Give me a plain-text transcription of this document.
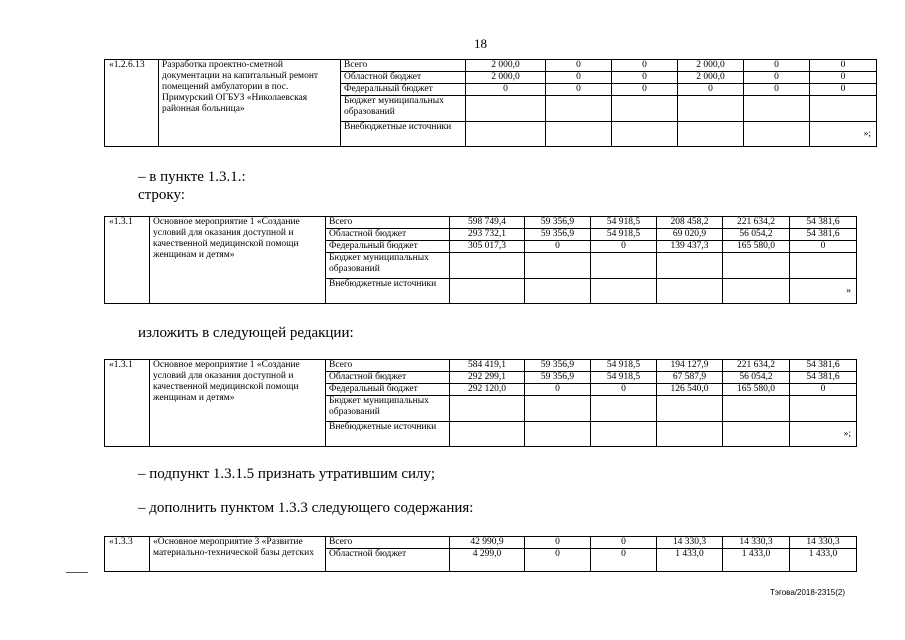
18
«1.2.6.13	Разработка проектно-сметной документации на капитальный ремонт помещений амбулатории в пос. Примурский ОГБУЗ «Николаевская районная больница»	Всего	2 000,0	0	0	2 000,0	0	0
		Областной бюджет	2 000,0	0	0	2 000,0	0	0
		Федеральный бюджет	0	0	0	0	0	0
		Бюджет муниципальных образований						
		Внебюджетные источники						»;
– в пункте 1.3.1.:
строку:
«1.3.1	Основное мероприятие 1 «Создание условий для оказания доступной и качественной медицинской помощи женщинам и детям»	Всего	598 749,4	59 356,9	54 918,5	208 458,2	221 634,2	54 381,6
		Областной бюджет	293 732,1	59 356,9	54 918,5	69 020,9	56 054,2	54 381,6
		Федеральный бюджет	305 017,3	0	0	139 437,3	165 580,0	0
		Бюджет муниципальных образований						
		Внебюджетные источники						»
изложить в следующей редакции:
«1.3.1	Основное мероприятие 1 «Создание условий для оказания доступной и качественной медицинской помощи женщинам и детям»	Всего	584 419,1	59 356,9	54 918,5	194 127,9	221 634,2	54 381,6
		Областной бюджет	292 299,1	59 356,9	54 918,5	67 587,9	56 054,2	54 381,6
		Федеральный бюджет	292 120,0	0	0	126 540,0	165 580,0	0
		Бюджет муниципальных образований						
		Внебюджетные источники						»;
– подпункт 1.3.1.5 признать утратившим силу;
– дополнить пунктом 1.3.3 следующего содержания:
«1.3.3	«Основное мероприятие 3 «Развитие материально-технической базы детских	Всего	42 990,9	0	0	14 330,3	14 330,3	14 330,3
		Областной бюджет	4 299,0	0	0	1 433,0	1 433,0	1 433,0
Тэгова/2018-2315(2)
